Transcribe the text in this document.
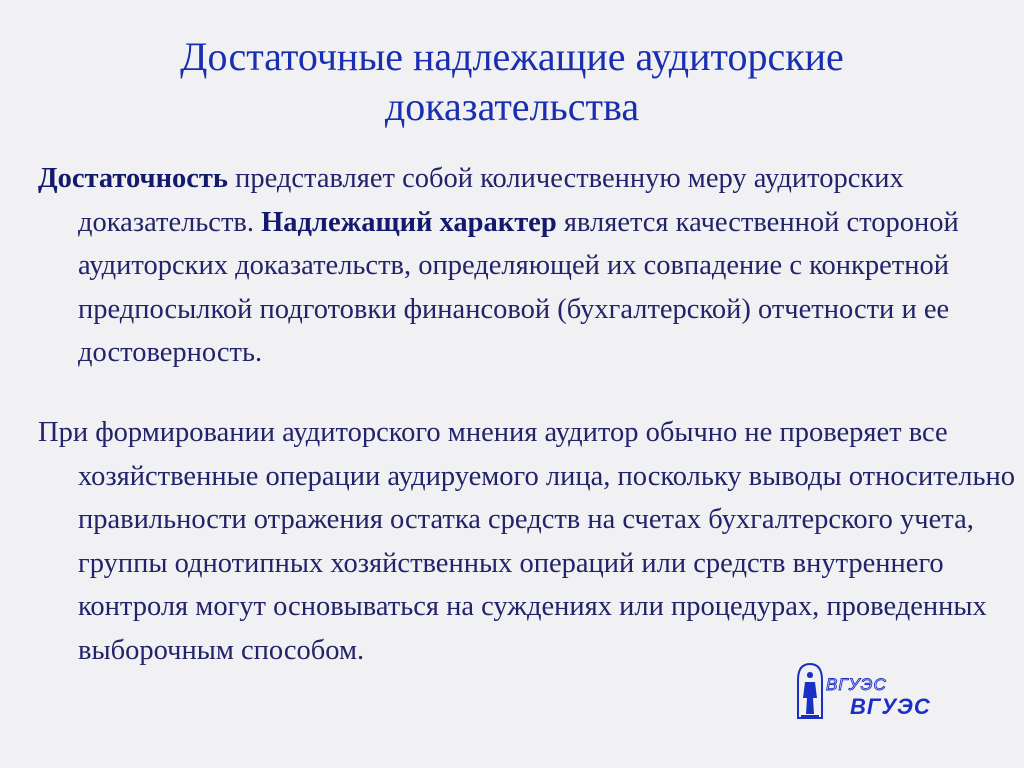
Достаточные надлежащие аудиторские
доказательства

Достаточность представляет собой количественную меру аудиторских доказательств. Надлежащий характер является качественной стороной аудиторских доказательств, определяющей их совпадение с конкретной предпосылкой подготовки финансовой (бухгалтерской) отчетности и ее достоверность.

При формировании аудиторского мнения аудитор обычно не проверяет все хозяйственные операции аудируемого лица, поскольку выводы относительно правильности отражения остатка средств на счетах бухгалтерского учета, группы однотипных хозяйственных операций или средств внутреннего контроля могут основываться на суждениях или процедурах, проведенных выборочным способом.

ВГУЭС
ВГУЭС
